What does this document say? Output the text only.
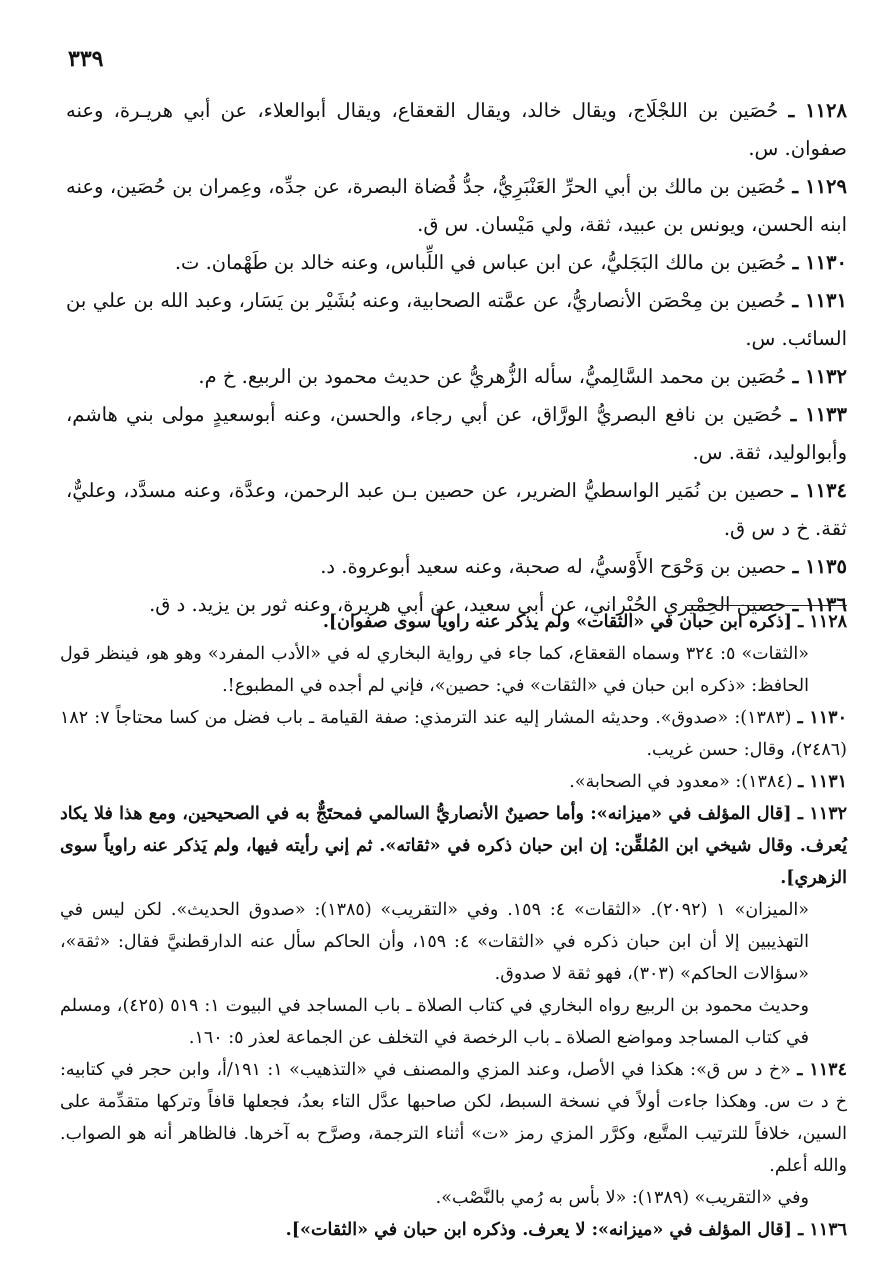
٣٣٩

١١٢٨ ـ حُصَين بن اللجْلَاج، ويقال خالد، ويقال القعقاع، ويقال أبوالعلاء، عن أبي هريـرة، وعنه صفوان. س.

١١٢٩ ـ حُصَين بن مالك بن أبي الحرِّ العَنْبَرِيُّ، جدُّ قُضاة البصرة، عن جدِّه، وعِمران بن حُصَين، وعنه ابنه الحسن، ويونس بن عبيد، ثقة، ولي مَيْسان. س ق.

١١٣٠ ـ حُصَين بن مالك البَجَليُّ، عن ابن عباس في اللِّباس، وعنه خالد بن طَهْمان. ت.

١١٣١ ـ حُصين بن مِحْصَن الأنصاريُّ، عن عمَّته الصحابية، وعنه بُشَيْر بن يَسَار، وعبد الله بن علي بن السائب. س.

١١٣٢ ـ حُصَين بن محمد السَّالِميُّ، سأله الزُّهريُّ عن حديث محمود بن الربيع. خ م.

١١٣٣ ـ حُصَين بن نافع البصريُّ الورَّاق، عن أبي رجاء، والحسن، وعنه أبوسعيدٍ مولى بني هاشم، وأبوالوليد، ثقة. س.

١١٣٤ ـ حصين بن نُمَير الواسطيُّ الضرير، عن حصين بـن عبد الرحمن، وعدَّة، وعنه مسدَّد، وعليٌّ، ثقة. خ د س ق.

١١٣٥ ـ حصين بن وَحْوَح الأَوْسيُّ، له صحبة، وعنه سعيد أبوعروة. د.

١١٣٦ ـ حصين الحِمْيري الحُبْراني، عن أبي سعيد، عن أبي هريرة، وعنه ثور بن يزيد. د ق.

١١٢٨ ـ [ذكره ابن حبان في «الثقات» ولم يذكر عنه راوياً سوى صفوان].

«الثقات» ٥: ٣٢٤ وسماه القعقاع، كما جاء في رواية البخاري له في «الأدب المفرد» وهو هو، فينظر قول الحافظ: «ذكره ابن حبان في «الثقات» في: حصين»، فإني لم أجده في المطبوع!.

١١٣٠ ـ (١٣٨٣): «صدوق». وحديثه المشار إليه عند الترمذي: صفة القيامة ـ باب فضل من كسا محتاجاً ٧: ١٨٢ (٢٤٨٦)، وقال: حسن غريب.

١١٣١ ـ (١٣٨٤): «معدود في الصحابة».

١١٣٢ ـ [قال المؤلف في «ميزانه»: وأما حصينٌ الأنصاريُّ السالمي فمحتَجٌّ به في الصحيحين، ومع هذا فلا يكاد يُعرف. وقال شيخي ابن المُلقِّن: إن ابن حبان ذكره في «ثقاته». ثم إني رأيته فيها، ولم يَذكر عنه راوياً سوى الزهري].

«الميزان» ١ (٢٠٩٢). «الثقات» ٤: ١٥٩. وفي «التقريب» (١٣٨٥): «صدوق الحديث». لكن ليس في التهذيبين إلا أن ابن حبان ذكره في «الثقات» ٤: ١٥٩، وأن الحاكم سأل عنه الدارقطنيَّ فقال: «ثقة»، «سؤالات الحاكم» (٣٠٣)، فهو ثقة لا صدوق.

وحديث محمود بن الربيع رواه البخاري في كتاب الصلاة ـ باب المساجد في البيوت ١: ٥١٩ (٤٢٥)، ومسلم في كتاب المساجد ومواضع الصلاة ـ باب الرخصة في التخلف عن الجماعة لعذر ٥: ١٦٠.

١١٣٤ ـ «خ د س ق»: هكذا في الأصل، وعند المزي والمصنف في «التذهيب» ١: ١٩١/أ، وابن حجر في كتابيه: خ د ت س. وهكذا جاءت أولاً في نسخة السبط، لكن صاحبها عدَّل التاء بعدُ، فجعلها قافاً وتركها متقدِّمة على السين، خلافاً للترتيب المتَّبع، وكرَّر المزي رمز «ت» أثناء الترجمة، وصرَّح به آخرها. فالظاهر أنه هو الصواب. والله أعلم.

وفي «التقريب» (١٣٨٩): «لا بأس به رُمي بالنَّصْب».

١١٣٦ ـ [قال المؤلف في «ميزانه»: لا يعرف. وذكره ابن حبان في «الثقات»].
